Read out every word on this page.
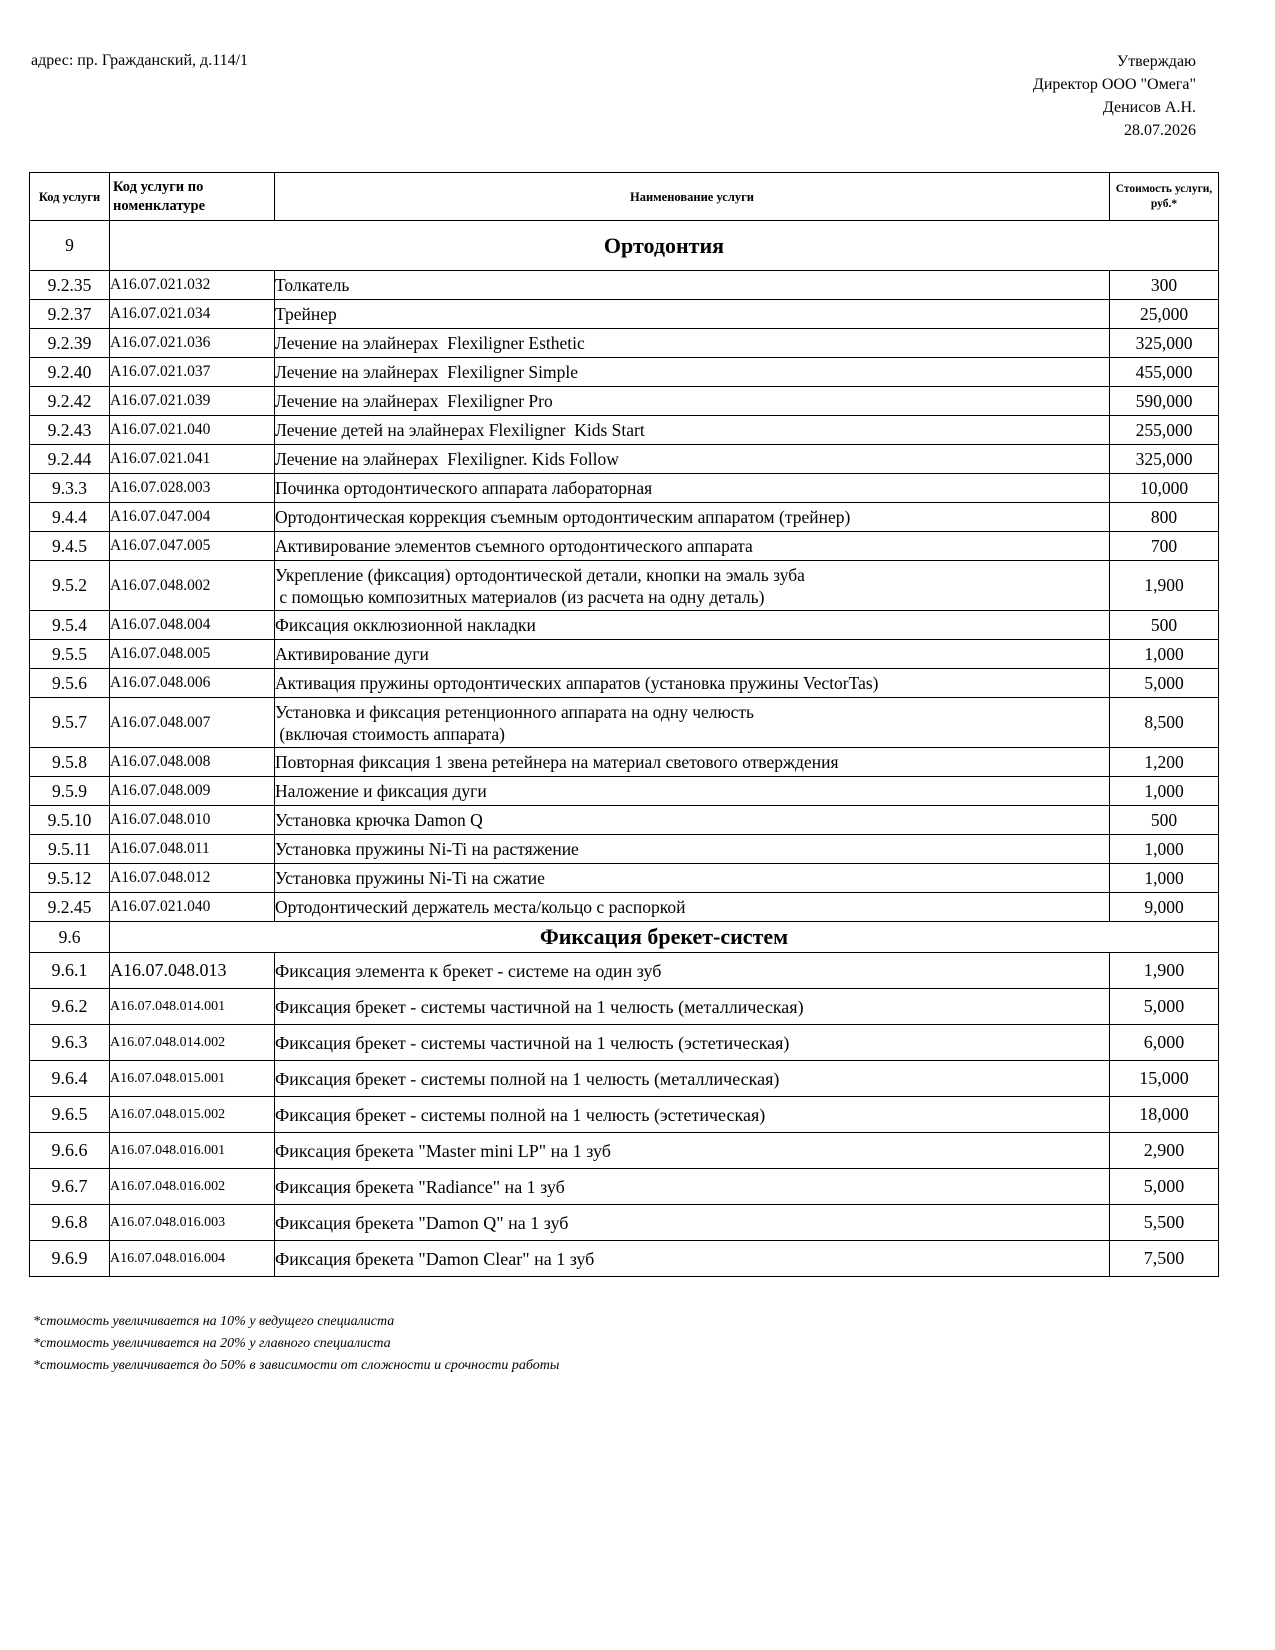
адрес: пр. Гражданский, д.114/1	Утверждаю
Директор ООО "Омега"
Денисов А.Н.
28.07.2026
Код услуги	Код услуги по номенклатуре	Наименование услуги	Стоимость услуги, руб.*
9	Ортодонтия		
9.2.35	A16.07.021.032	Толкатель	300
9.2.37	A16.07.021.034	Трейнер	25,000
9.2.39	A16.07.021.036	Лечение на элайнерах  Flexiligner Esthetic	325,000
9.2.40	A16.07.021.037	Лечение на элайнерах  Flexiligner Simple	455,000
9.2.42	A16.07.021.039	Лечение на элайнерах  Flexiligner Pro	590,000
9.2.43	A16.07.021.040	Лечение детей на элайнерах Flexiligner  Kids Start	255,000
9.2.44	A16.07.021.041	Лечение на элайнерах  Flexiligner. Kids Follow	325,000
9.3.3	A16.07.028.003	Починка ортодонтического аппарата лабораторная	10,000
9.4.4	A16.07.047.004	Ортодонтическая коррекция съемным ортодонтическим аппаратом (трейнер)	800
9.4.5	A16.07.047.005	Активирование элементов съемного ортодонтического аппарата	700
9.5.2	A16.07.048.002	Укрепление (фиксация) ортодонтической детали, кнопки на эмаль зуба
с помощью композитных материалов (из расчета на одну деталь)	1,900
9.5.4	A16.07.048.004	Фиксация окклюзионной накладки	500
9.5.5	A16.07.048.005	Активирование дуги	1,000
9.5.6	A16.07.048.006	Активация пружины ортодонтических аппаратов (установка пружины VectorTas)	5,000
9.5.7	A16.07.048.007	Установка и фиксация ретенционного аппарата на одну челюсть
(включая стоимость аппарата)	8,500
9.5.8	A16.07.048.008	Повторная фиксация 1 звена ретейнера на материал светового отверждения	1,200
9.5.9	A16.07.048.009	Наложение и фиксация дуги	1,000
9.5.10	A16.07.048.010	Установка крючка Damon Q	500
9.5.11	A16.07.048.011	Установка пружины Ni-Ti на растяжение	1,000
9.5.12	A16.07.048.012	Установка пружины Ni-Ti на сжатие	1,000
9.2.45	A16.07.021.040	Ортодонтический держатель места/кольцо с распоркой	9,000
9.6	Фиксация брекет-систем		
9.6.1	A16.07.048.013	Фиксация элемента к брекет - системе на один зуб	1,900
9.6.2	A16.07.048.014.001	Фиксация брекет - системы частичной на 1 челюсть (металлическая)	5,000
9.6.3	A16.07.048.014.002	Фиксация брекет - системы частичной на 1 челюсть (эстетическая)	6,000
9.6.4	A16.07.048.015.001	Фиксация брекет - системы полной на 1 челюсть (металлическая)	15,000
9.6.5	A16.07.048.015.002	Фиксация брекет - системы полной на 1 челюсть (эстетическая)	18,000
9.6.6	A16.07.048.016.001	Фиксация брекета "Master mini LP" на 1 зуб	2,900
9.6.7	A16.07.048.016.002	Фиксация брекета "Radiance" на 1 зуб	5,000
9.6.8	A16.07.048.016.003	Фиксация брекета "Damon Q" на 1 зуб	5,500
9.6.9	A16.07.048.016.004	Фиксация брекета "Damon Clear" на 1 зуб	7,500
*стоимость увеличивается на 10% у ведущего специалиста
*стоимость увеличивается на 20% у главного специалиста
*стоимость увеличивается до 50% в зависимости от сложности и срочности работы
